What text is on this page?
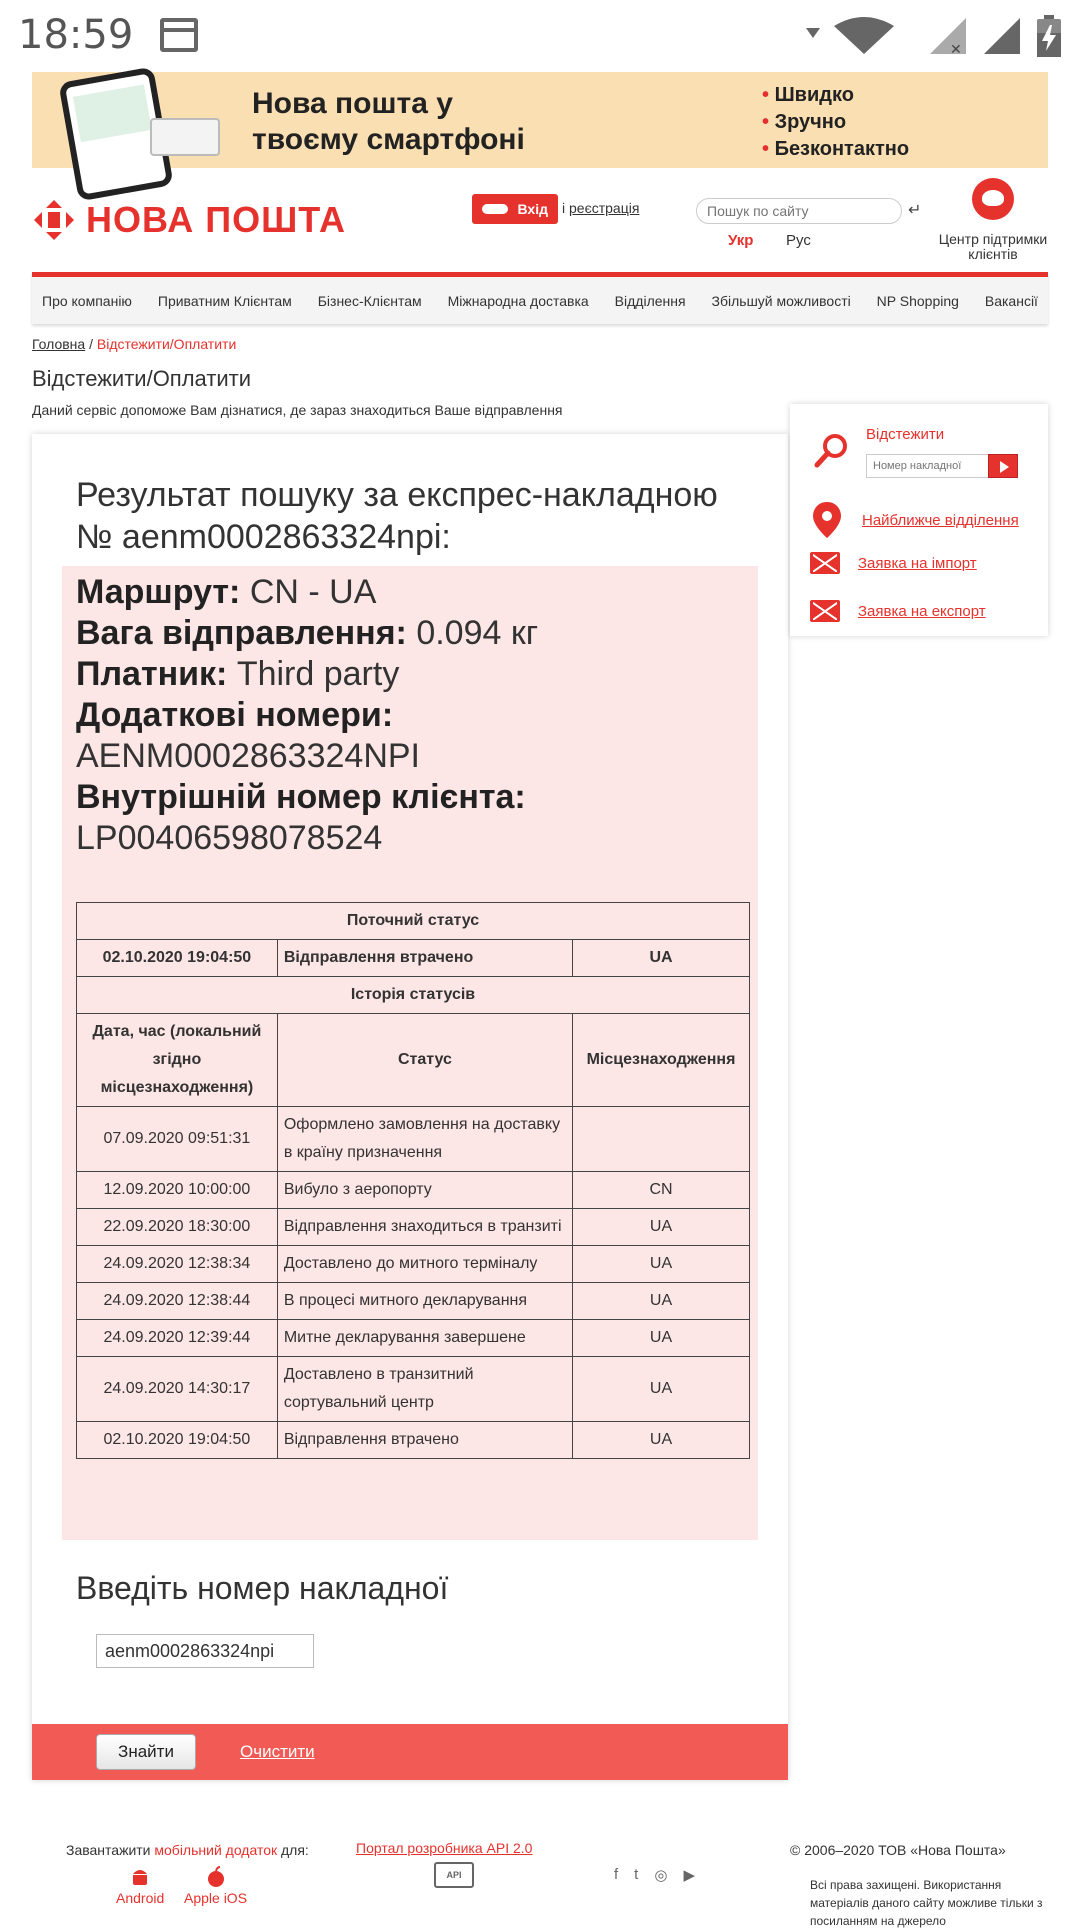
18:59	✕
Нова пошта у
твоєму смартфоні
• Швидко
• Зручно
• Безконтактно
НОВА ПОШТА	Вхід і реєстрація
Пошук по сайту	↵
Укр Рус	Центр підтримки клієнтів
Про компанію Приватним Клієнтам Бізнес-Клієнтам Міжнародна доставка Відділення Збільшуй можливості NP Shopping Вакансії
Головна / Відстежити/Оплатити
Відстежити/Оплатити
Даний сервіс допоможе Вам дізнатися, де зараз знаходиться Ваше відправлення
Результат пошуку за експрес-накладною № aenm0002863324npi:
Маршрут: CN - UA
Вага відправлення: 0.094 кг
Платник: Third party
Додаткові номери:
AENM0002863324NPI
Внутрішній номер клієнта:
LP00406598078524
Поточний статус		
02.10.2020 19:04:50	Відправлення втрачено	UA
Історія статусів		
Дата, час (локальний згідно місцезнаходження)	Статус	Місцезнаходження
07.09.2020 09:51:31	Оформлено замовлення на доставку в країну призначення	
12.09.2020 10:00:00	Вибуло з аеропорту	CN
22.09.2020 18:30:00	Відправлення знаходиться в транзиті	UA
24.09.2020 12:38:34	Доставлено до митного терміналу	UA
24.09.2020 12:38:44	В процесі митного декларування	UA
24.09.2020 12:39:44	Митне декларування завершене	UA
24.09.2020 14:30:17	Доставлено в транзитний сортувальний центр	UA
02.10.2020 19:04:50	Відправлення втрачено	UA
Введіть номер накладної
aenm0002863324npi
Знайти	Очистити
Відстежити
Номер накладної
Найближче відділення
Заявка на імпорт
Заявка на експорт
Завантажити мобільний додаток для:
Android Apple iOS
Портал розробника API 2.0
API	f t ◎ ▶
© 2006–2020 ТОВ «Нова Пошта»
Всі права захищені. Використання матеріалів даного сайту можливе тільки з посиланням на джерело
